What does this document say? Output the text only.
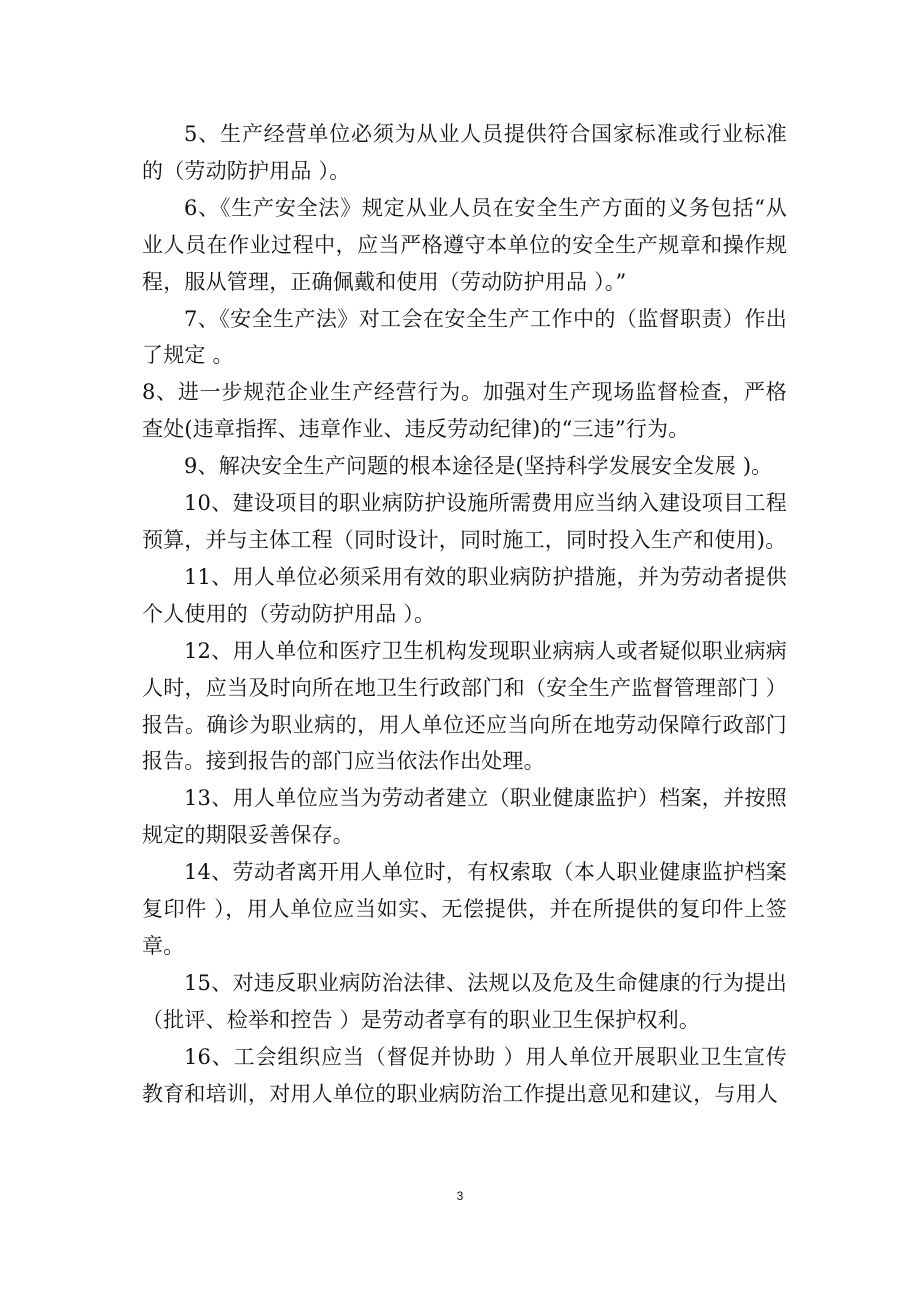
5、生产经营单位必须为从业人员提供符合国家标准或行业标准的（劳动防护用品 ）。

6、《生产安全法》规定从业人员在安全生产方面的义务包括“从业人员在作业过程中，应当严格遵守本单位的安全生产规章和操作规程，服从管理，正确佩戴和使用（劳动防护用品 ）。”

7、《安全生产法》对工会在安全生产工作中的（监督职责）作出了规定 。

8、进一步规范企业生产经营行为。加强对生产现场监督检查，严格查处(违章指挥、违章作业、违反劳动纪律)的“三违”行为。

9、解决安全生产问题的根本途径是(坚持科学发展安全发展 )。

10、建设项目的职业病防护设施所需费用应当纳入建设项目工程预算，并与主体工程（同时设计，同时施工，同时投入生产和使用)。

11、用人单位必须采用有效的职业病防护措施，并为劳动者提供个人使用的（劳动防护用品 ）。

12、用人单位和医疗卫生机构发现职业病病人或者疑似职业病病人时，应当及时向所在地卫生行政部门和（安全生产监督管理部门 ）报告。确诊为职业病的，用人单位还应当向所在地劳动保障行政部门报告。接到报告的部门应当依法作出处理。

13、用人单位应当为劳动者建立（职业健康监护）档案，并按照规定的期限妥善保存。

14、劳动者离开用人单位时，有权索取（本人职业健康监护档案复印件 ），用人单位应当如实、无偿提供，并在所提供的复印件上签章。

15、对违反职业病防治法律、法规以及危及生命健康的行为提出（批评、检举和控告 ）是劳动者享有的职业卫生保护权利。

16、工会组织应当（督促并协助 ）用人单位开展职业卫生宣传教育和培训，对用人单位的职业病防治工作提出意见和建议，与用人

3
